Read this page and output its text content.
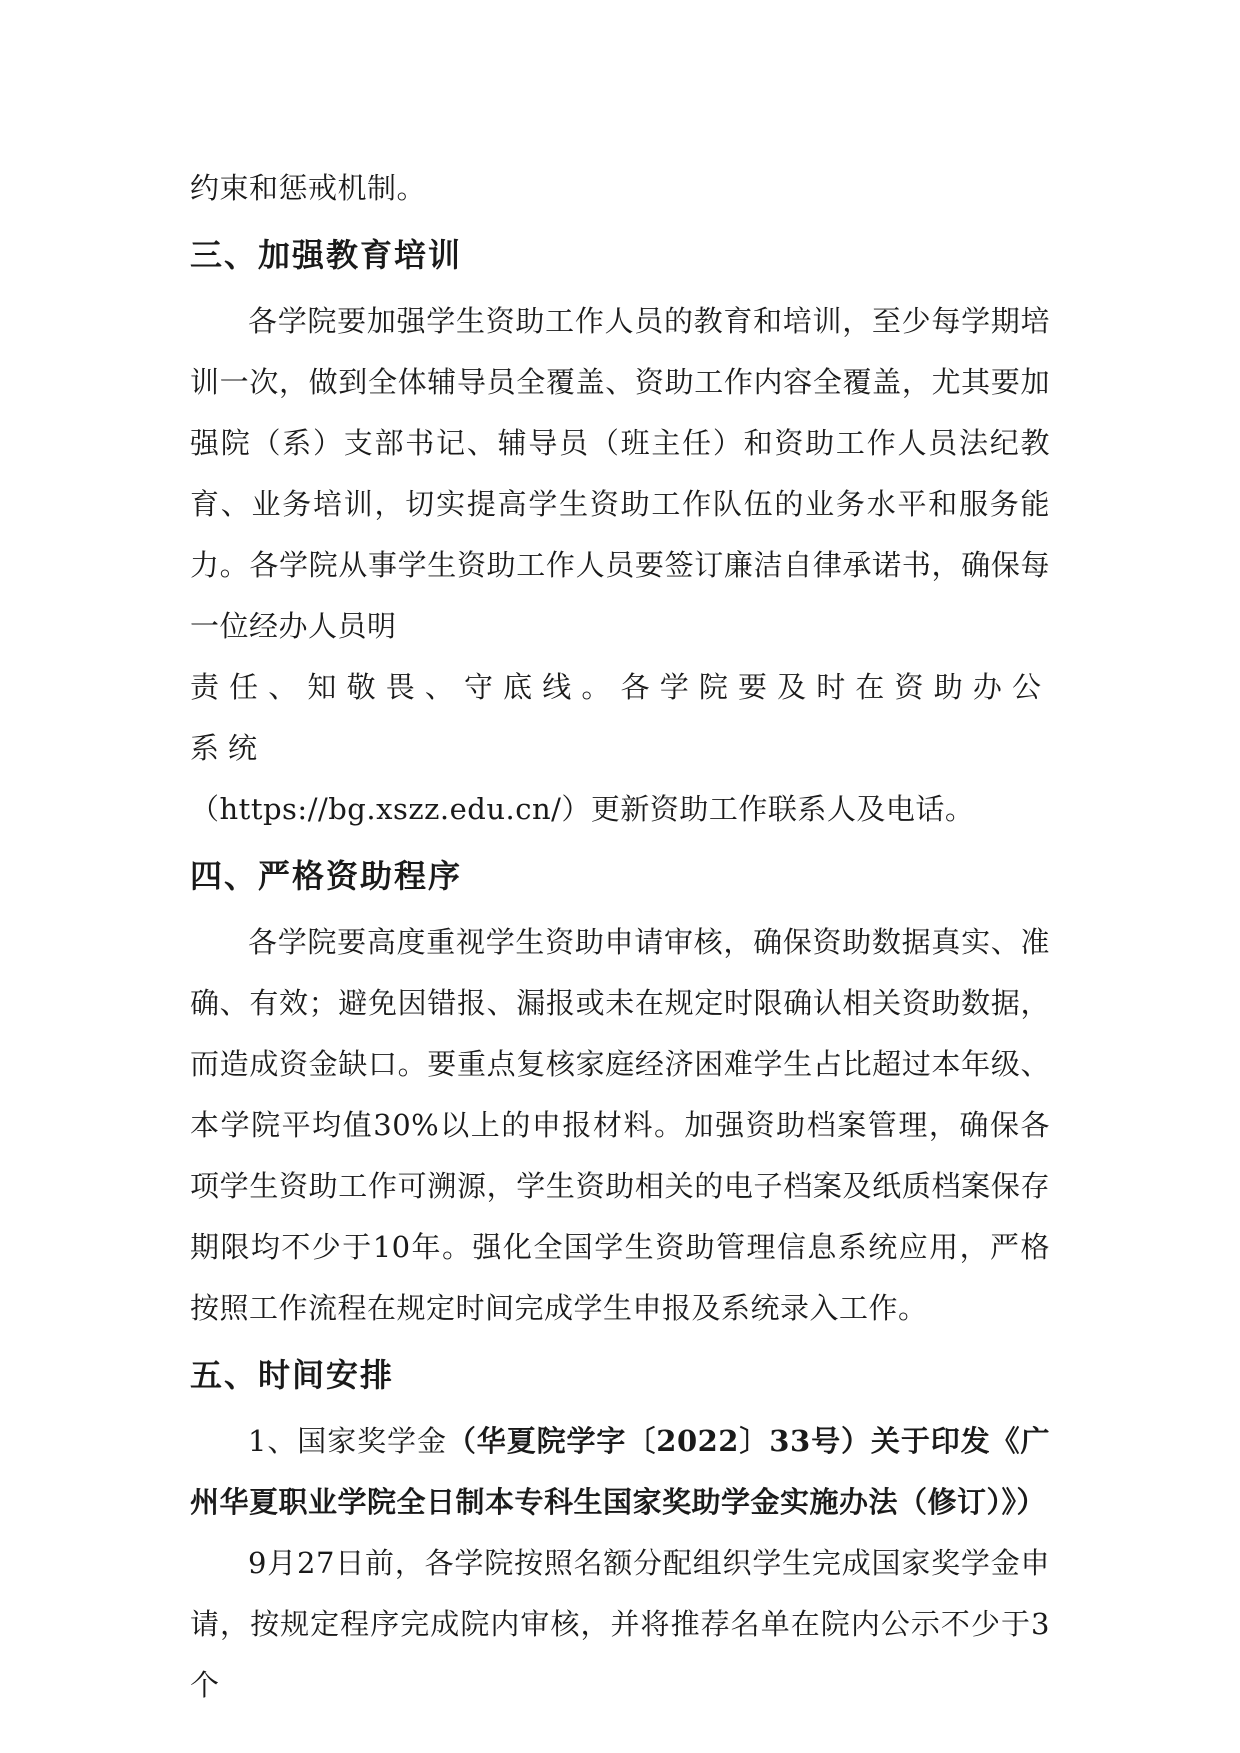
约束和惩戒机制。

三、加强教育培训

各学院要加强学生资助工作人员的教育和培训，至少每学期培训一次，做到全体辅导员全覆盖、资助工作内容全覆盖，尤其要加强院（系）支部书记、辅导员（班主任）和资助工作人员法纪教育、业务培训，切实提高学生资助工作队伍的业务水平和服务能力。各学院从事学生资助工作人员要签订廉洁自律承诺书，确保每一位经办人员明

责任、知敬畏、守底线。各学院要及时在资助办公系统

（https://bg.xszz.edu.cn/）更新资助工作联系人及电话。

四、严格资助程序

各学院要高度重视学生资助申请审核，确保资助数据真实、准确、有效；避免因错报、漏报或未在规定时限确认相关资助数据，而造成资金缺口。要重点复核家庭经济困难学生占比超过本年级、本学院平均值30%以上的申报材料。加强资助档案管理，确保各项学生资助工作可溯源，学生资助相关的电子档案及纸质档案保存期限均不少于10年。强化全国学生资助管理信息系统应用，严格按照工作流程在规定时间完成学生申报及系统录入工作。

五、时间安排

1、国家奖学金（华夏院学字〔2022〕33号）关于印发《广州华夏职业学院全日制本专科生国家奖助学金实施办法（修订）》）

9月27日前，各学院按照名额分配组织学生完成国家奖学金申请，按规定程序完成院内审核，并将推荐名单在院内公示不少于3个
